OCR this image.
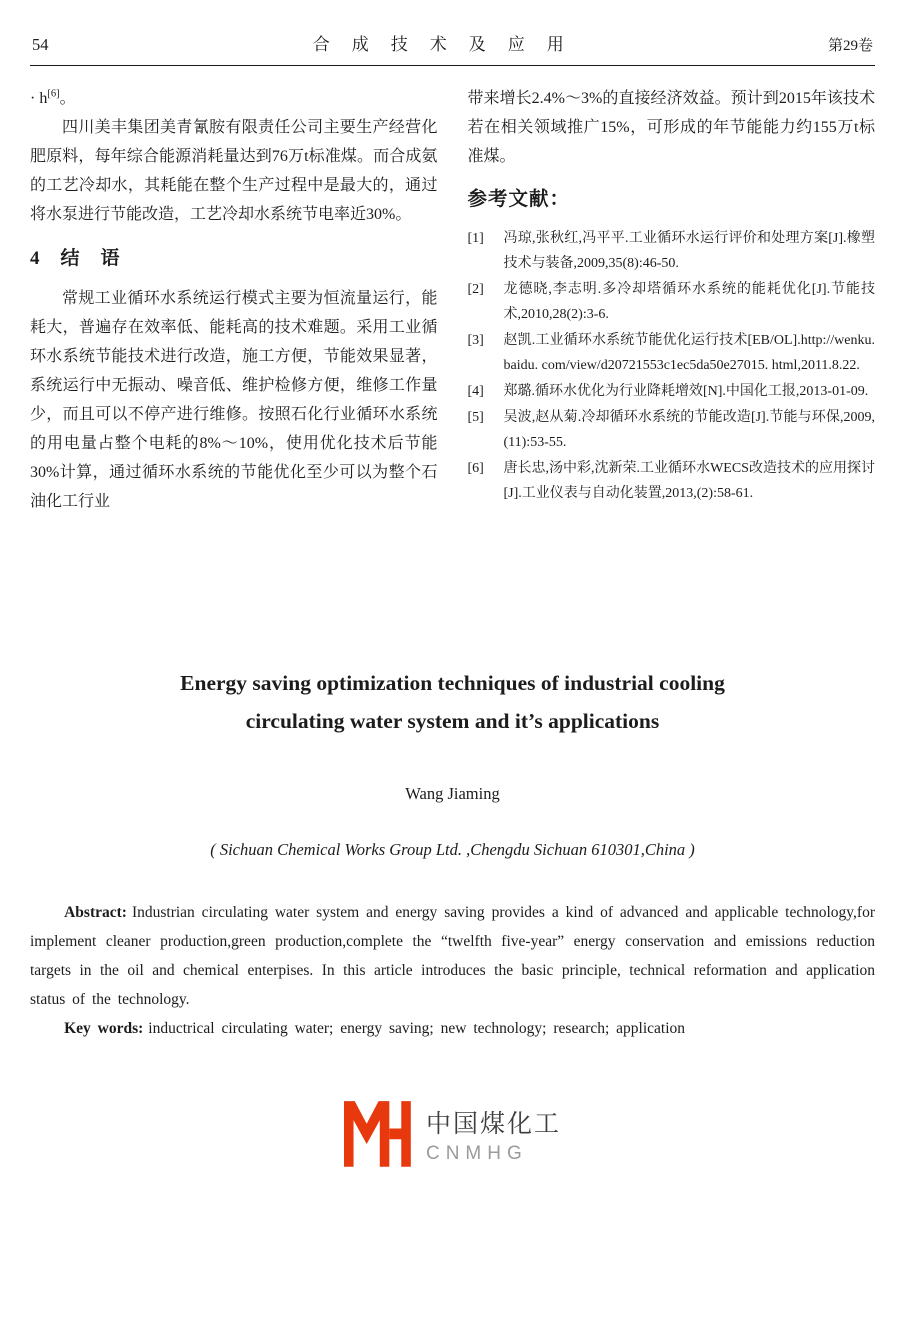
54	合成技术及应用	第29卷

· h[6]。

四川美丰集团美青氰胺有限责任公司主要生产经营化肥原料，每年综合能源消耗量达到76万t标准煤。而合成氨的工艺冷却水，其耗能在整个生产过程中是最大的，通过将水泵进行节能改造，工艺冷却水系统节电率近30%。

4　结　语

常规工业循环水系统运行模式主要为恒流量运行，能耗大，普遍存在效率低、能耗高的技术难题。采用工业循环水系统节能技术进行改造，施工方便，节能效果显著，系统运行中无振动、噪音低、维护检修方便，维修工作量少，而且可以不停产进行维修。按照石化行业循环水系统的用电量占整个电耗的8%～10%，使用优化技术后节能30%计算，通过循环水系统的节能优化至少可以为整个石油化工行业

带来增长2.4%～3%的直接经济效益。预计到2015年该技术若在相关领域推广15%，可形成的年节能能力约155万t标准煤。

参考文献：
[1] 冯琼,张秋红,冯平平.工业循环水运行评价和处理方案[J].橡塑技术与装备,2009,35(8):46-50.
[2] 龙德晓,李志明.多冷却塔循环水系统的能耗优化[J].节能技术,2010,28(2):3-6.
[3] 赵凯.工业循环水系统节能优化运行技术[EB/OL].http://wenku. baidu. com/view/d20721553c1ec5da50e27015. html,2011.8.22.
[4] 郑璐.循环水优化为行业降耗增效[N].中国化工报,2013-01-09.
[5] 吴波,赵从菊.冷却循环水系统的节能改造[J].节能与环保,2009,(11):53-55.
[6] 唐长忠,汤中彩,沈新荣.工业循环水WECS改造技术的应用探讨[J].工业仪表与自动化装置,2013,(2):58-61.
Energy saving optimization techniques of industrial cooling
circulating water system and it’s applications
Wang Jiaming
( Sichuan Chemical Works Group Ltd. ,Chengdu Sichuan 610301,China )

Abstract: Industrian circulating water system and energy saving provides a kind of advanced and applicable technology,for implement cleaner production,green production,complete the “twelfth five-year” energy conservation and emissions reduction targets in the oil and chemical enterpises. In this article introduces the basic principle, technical reformation and application status of the technology.

Key words: inductrical circulating water; energy saving; new technology; research; application

中国煤化工
CNMHG
